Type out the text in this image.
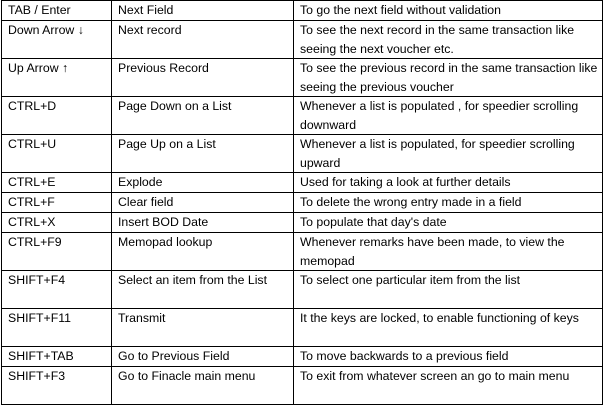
TAB / Enter	Next Field	To go the next field without validation
Down Arrow ↓	Next record	To see the next record in the same transaction like seeing the next voucher etc.
Up Arrow ↑	Previous Record	To see the previous record in the same transaction like seeing the previous voucher
CTRL+D	Page Down on a List	Whenever a list is populated , for speedier scrolling downward
CTRL+U	Page Up on a List	Whenever a list is populated, for speedier scrolling upward
CTRL+E	Explode	Used for taking a look at further details
CTRL+F	Clear field	To delete the wrong entry made in a field
CTRL+X	Insert BOD Date	To populate that day's date
CTRL+F9	Memopad lookup	Whenever remarks have been made, to view the memopad
SHIFT+F4	Select an item from the List	To select one particular item from the list
SHIFT+F11	Transmit	It the keys are locked, to enable functioning of keys
SHIFT+TAB	Go to Previous Field	To move backwards to a previous field
SHIFT+F3	Go to Finacle main menu	To exit from whatever screen an go to main menu
